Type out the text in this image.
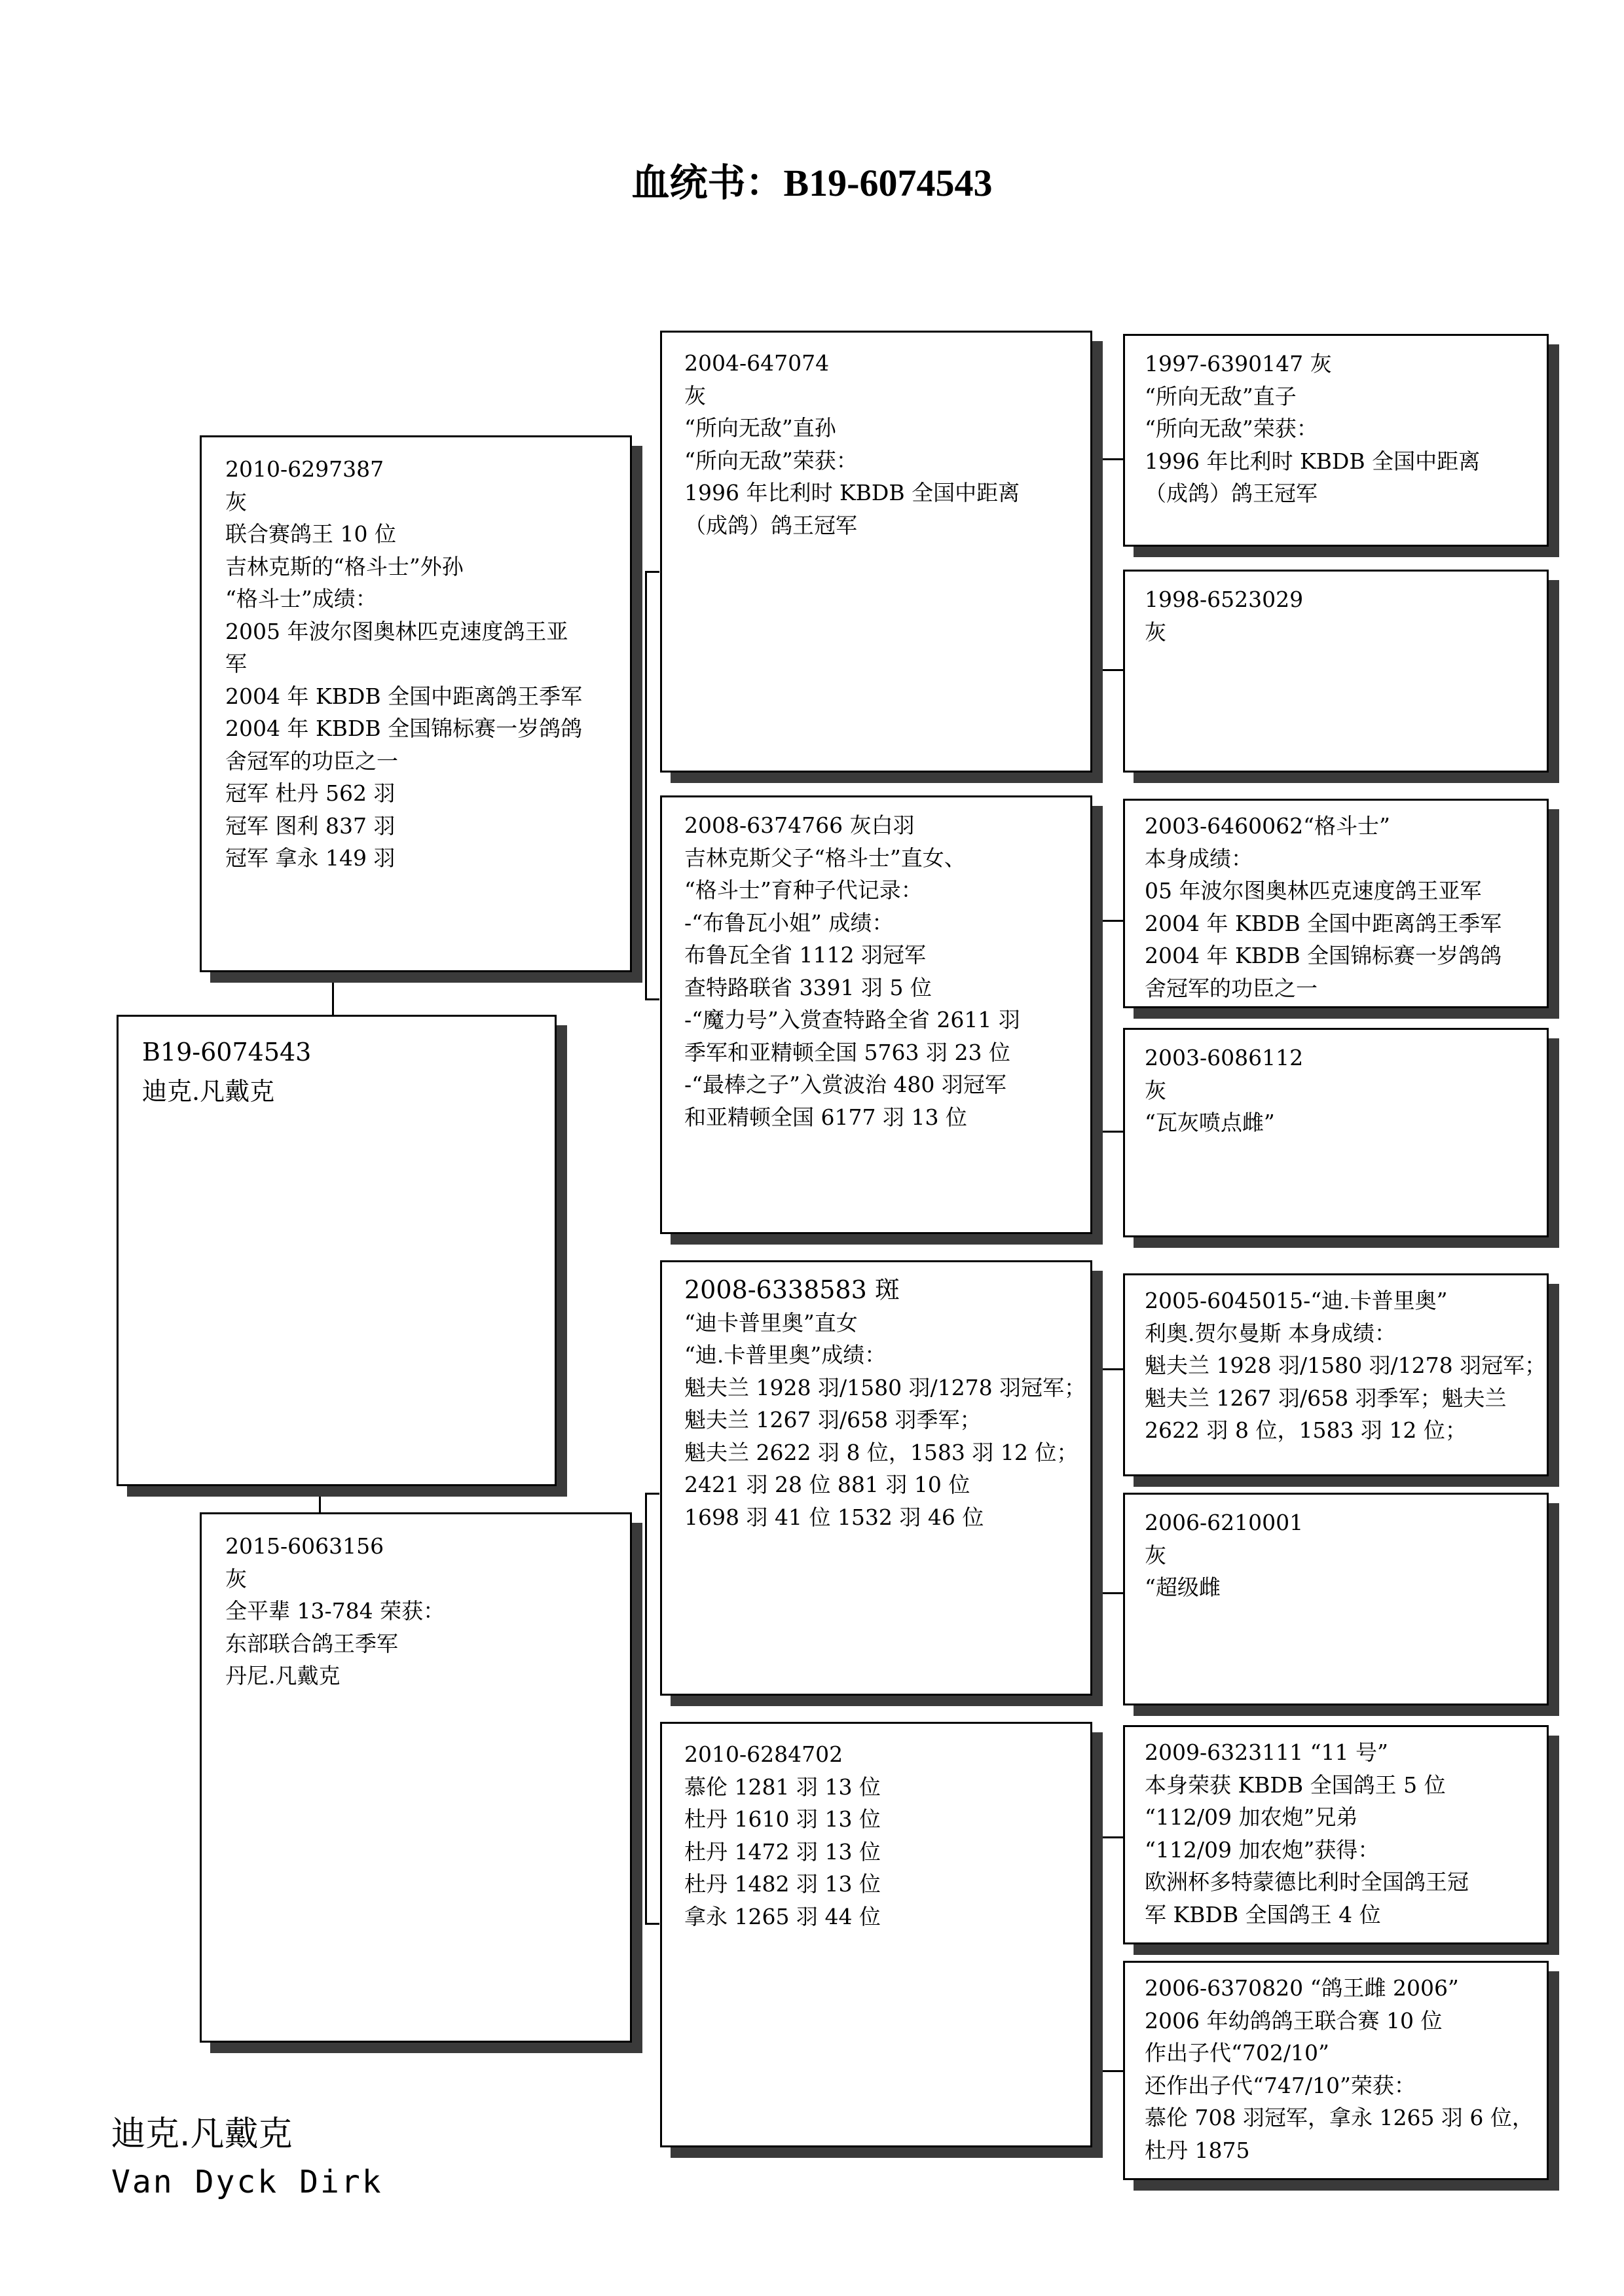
血统书：B19-6074543
B19-6074543
迪克.凡戴克
2010-6297387
灰
联合赛鸽王 10 位
吉林克斯的“格斗士”外孙
“格斗士”成绩：
2005 年波尔图奥林匹克速度鸽王亚
军
2004 年 KBDB 全国中距离鸽王季军
2004 年 KBDB 全国锦标赛一岁鸽鸽
舍冠军的功臣之一
冠军 杜丹 562 羽
冠军 图利 837 羽
冠军 拿永 149 羽
2015-6063156
灰
全平辈 13-784 荣获：
东部联合鸽王季军
丹尼.凡戴克
2004-647074
灰
“所向无敌”直孙
“所向无敌”荣获：
1996 年比利时 KBDB 全国中距离
（成鸽）鸽王冠军
2008-6374766 灰白羽
吉林克斯父子“格斗士”直女、
“格斗士”育种子代记录：
-“布鲁瓦小姐” 成绩：
布鲁瓦全省 1112 羽冠军
查特路联省 3391 羽 5 位
-“魔力号”入赏查特路全省 2611 羽
季军和亚精顿全国 5763 羽 23 位
-“最棒之子”入赏波治 480 羽冠军
和亚精顿全国 6177 羽 13 位
2008-6338583 斑
“迪卡普里奥”直女
“迪.卡普里奥”成绩：
魁夫兰 1928 羽/1580 羽/1278 羽冠军；
魁夫兰 1267 羽/658 羽季军；
魁夫兰 2622 羽 8 位，1583 羽 12 位；
2421 羽 28 位 881 羽 10 位
1698 羽 41 位 1532 羽 46 位
2010-6284702
慕伦 1281 羽 13 位
杜丹 1610 羽 13 位
杜丹 1472 羽 13 位
杜丹 1482 羽 13 位
拿永 1265 羽 44 位
1997-6390147 灰
“所向无敌”直子
“所向无敌”荣获：
1996 年比利时 KBDB 全国中距离
（成鸽）鸽王冠军
1998-6523029
灰
2003-6460062“格斗士”
本身成绩：
05 年波尔图奥林匹克速度鸽王亚军
2004 年 KBDB 全国中距离鸽王季军
2004 年 KBDB 全国锦标赛一岁鸽鸽
舍冠军的功臣之一
2003-6086112
灰
“瓦灰喷点雌”
2005-6045015-“迪.卡普里奥”
利奥.贺尔曼斯 本身成绩：
魁夫兰 1928 羽/1580 羽/1278 羽冠军；
魁夫兰 1267 羽/658 羽季军；魁夫兰
2622 羽 8 位，1583 羽 12 位；
2006-6210001
灰
“超级雌
2009-6323111 “11 号”
本身荣获 KBDB 全国鸽王 5 位
“112/09 加农炮”兄弟
“112/09 加农炮”获得：
欧洲杯多特蒙德比利时全国鸽王冠
军 KBDB 全国鸽王 4 位
2006-6370820 “鸽王雌 2006”
2006 年幼鸽鸽王联合赛 10 位
作出子代“702/10”
还作出子代“747/10”荣获：
慕伦 708 羽冠军，拿永 1265 羽 6 位，
杜丹 1875
迪克.凡戴克
Van Dyck Dirk
